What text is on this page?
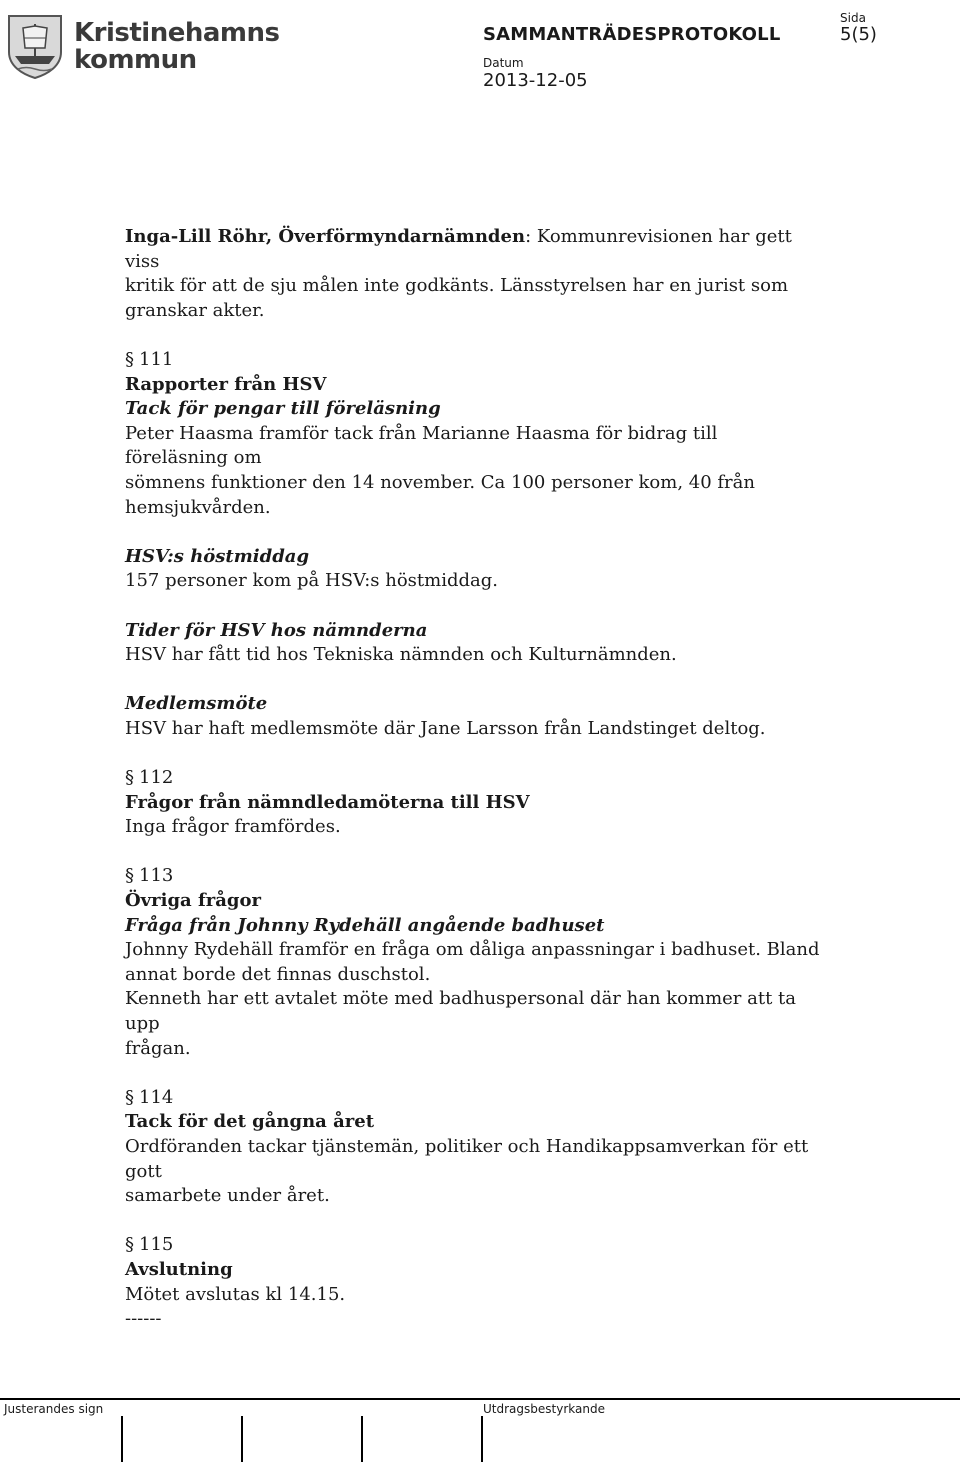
Kristinehamns
kommun
SAMMANTRÄDESPROTOKOLL
Sida
5(5)
Datum
2013-12-05

Inga-Lill Röhr, Överförmyndarnämnden: Kommunrevisionen har gett viss

kritik för att de sju målen inte godkänts. Länsstyrelsen har en jurist som

granskar akter.

§ 111

Rapporter från HSV

Tack för pengar till föreläsning

Peter Haasma framför tack från Marianne Haasma för bidrag till föreläsning om

sömnens funktioner den 14 november. Ca 100 personer kom, 40 från

hemsjukvården.

HSV:s höstmiddag

157 personer kom på HSV:s höstmiddag.

Tider för HSV hos nämnderna

HSV har fått tid hos Tekniska nämnden och Kulturnämnden.

Medlemsmöte

HSV har haft medlemsmöte där Jane Larsson från Landstinget deltog.

§ 112

Frågor från nämndledamöterna till HSV

Inga frågor framfördes.

§ 113

Övriga frågor

Fråga från Johnny Rydehäll angående badhuset

Johnny Rydehäll framför en fråga om dåliga anpassningar i badhuset. Bland

annat borde det finnas duschstol.

Kenneth har ett avtalet möte med badhuspersonal där han kommer att ta upp

frågan.

§ 114

Tack för det gångna året

Ordföranden tackar tjänstemän, politiker och Handikappsamverkan för ett gott

samarbete under året.

§ 115

Avslutning

Mötet avslutas kl 14.15.

------

Justerandes sign	Utdragsbestyrkande
